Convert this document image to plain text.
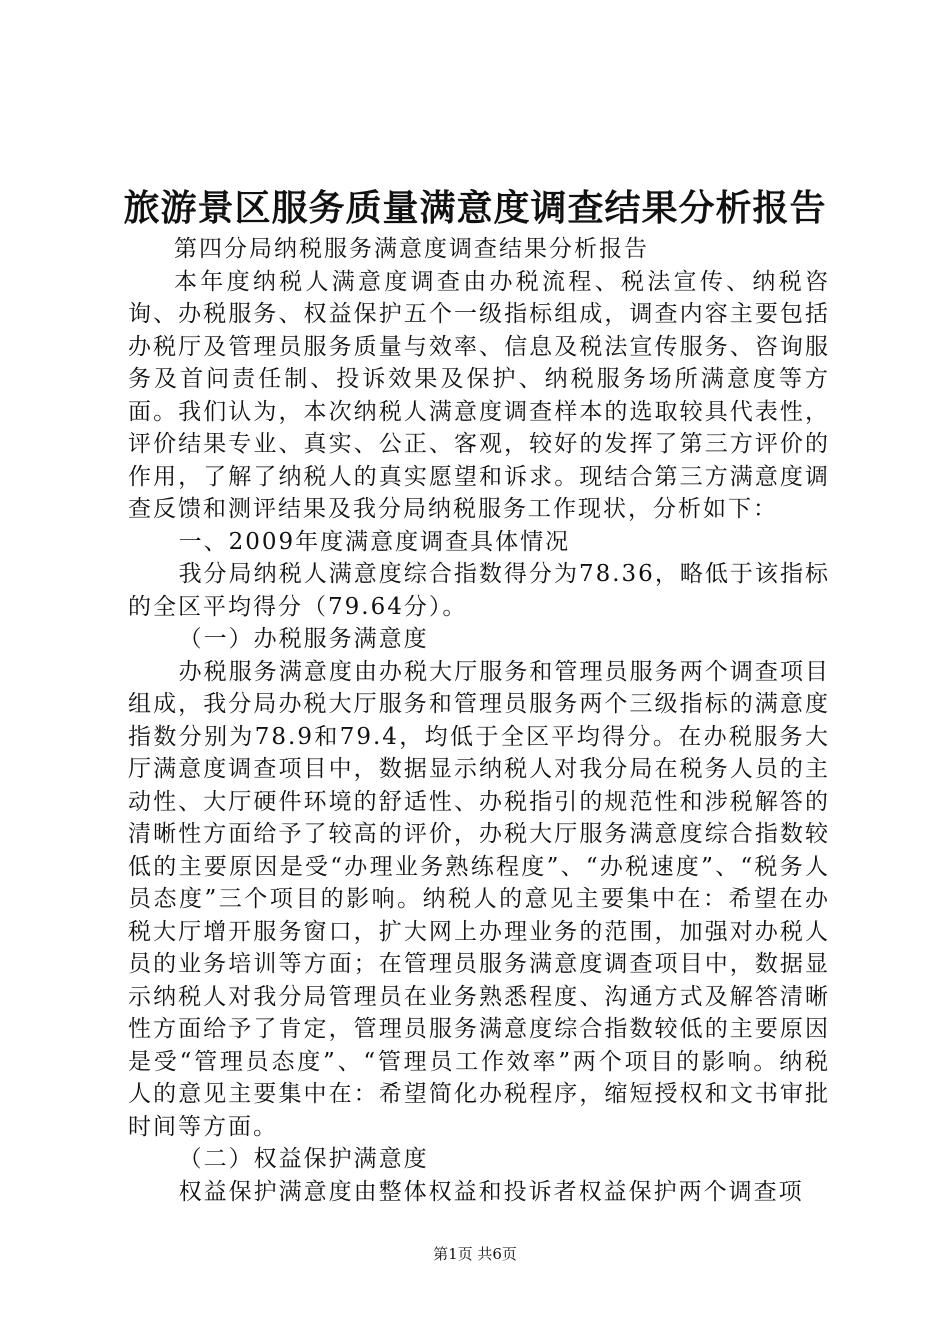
旅游景区服务质量满意度调查结果分析报告

第四分局纳税服务满意度调查结果分析报告

本年度纳税人满意度调查由办税流程、税法宣传、纳税咨询、办税服务、权益保护五个一级指标组成，调查内容主要包括办税厅及管理员服务质量与效率、信息及税法宣传服务、咨询服务及首问责任制、投诉效果及保护、纳税服务场所满意度等方面。我们认为，本次纳税人满意度调查样本的选取较具代表性，评价结果专业、真实、公正、客观，较好的发挥了第三方评价的作用，了解了纳税人的真实愿望和诉求。现结合第三方满意度调查反馈和测评结果及我分局纳税服务工作现状，分析如下：

一、2009年度满意度调查具体情况

我分局纳税人满意度综合指数得分为78.36，略低于该指标的全区平均得分（79.64分）。

（一）办税服务满意度

办税服务满意度由办税大厅服务和管理员服务两个调查项目组成，我分局办税大厅服务和管理员服务两个三级指标的满意度指数分别为78.9和79.4，均低于全区平均得分。在办税服务大厅满意度调查项目中，数据显示纳税人对我分局在税务人员的主动性、大厅硬件环境的舒适性、办税指引的规范性和涉税解答的清晰性方面给予了较高的评价，办税大厅服务满意度综合指数较低的主要原因是受“办理业务熟练程度”、“办税速度”、“税务人员态度”三个项目的影响。纳税人的意见主要集中在：希望在办税大厅增开服务窗口，扩大网上办理业务的范围，加强对办税人员的业务培训等方面；在管理员服务满意度调查项目中，数据显示纳税人对我分局管理员在业务熟悉程度、沟通方式及解答清晰性方面给予了肯定，管理员服务满意度综合指数较低的主要原因是受“管理员态度”、“管理员工作效率”两个项目的影响。纳税人的意见主要集中在：希望简化办税程序，缩短授权和文书审批时间等方面。

（二）权益保护满意度

权益保护满意度由整体权益和投诉者权益保护两个调查项

第1页 共6页
